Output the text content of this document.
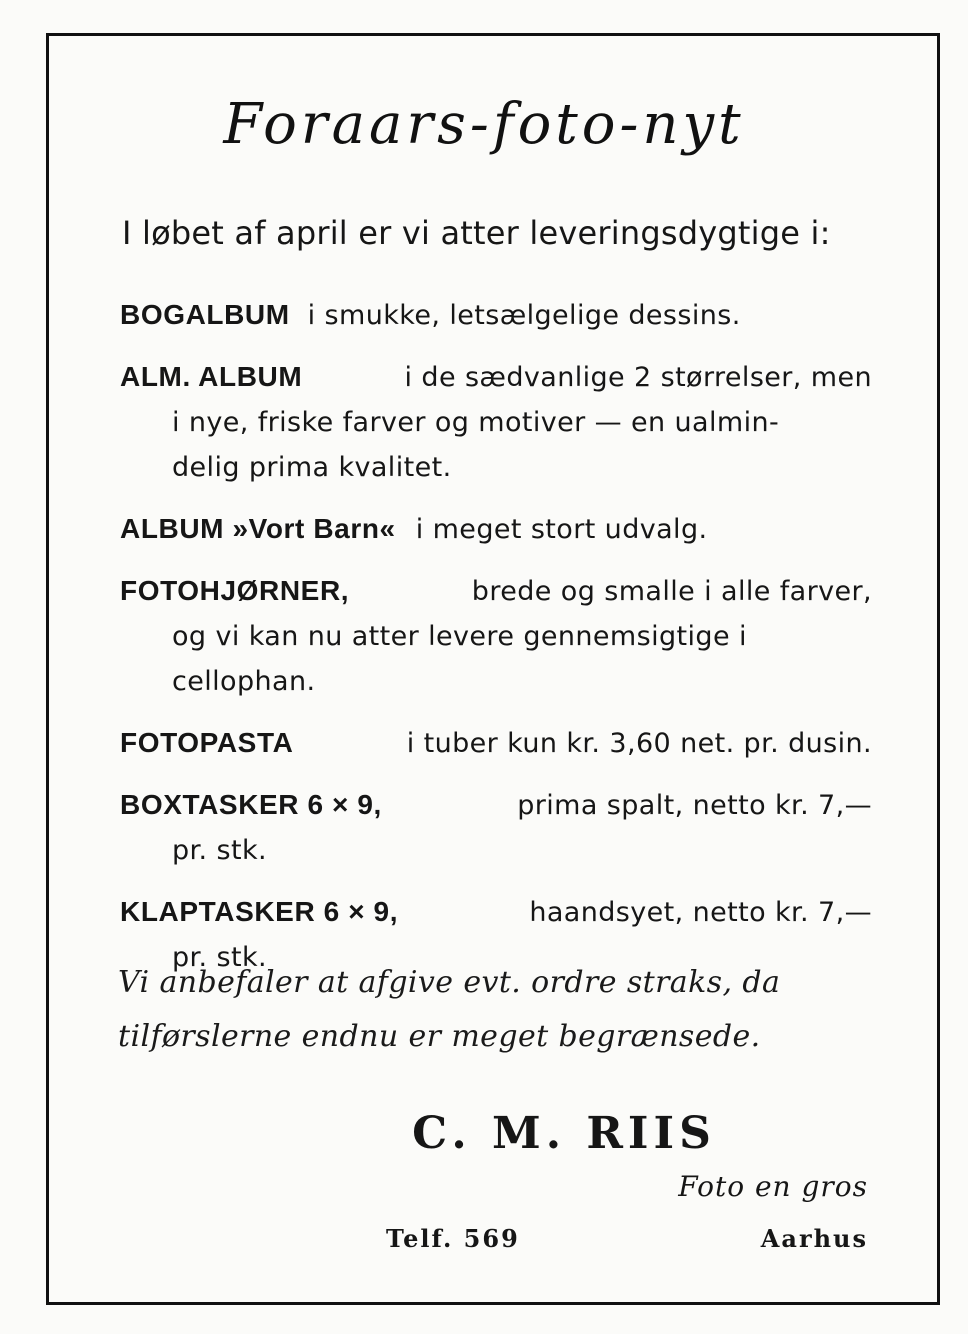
Foraars-foto-nyt
I løbet af april er vi atter leveringsdygtige i:
BOGALBUM i smukke, letsælgelige dessins.
ALM. ALBUM	i de sædvanlige 2 størrelser, men
i nye, friske farver og motiver — en ualmin-
delig prima kvalitet.
ALBUM »Vort Barn« i meget stort udvalg.
FOTOHJØRNER,	brede og smalle i alle farver,
og vi kan nu atter levere gennemsigtige i
cellophan.
FOTOPASTA	i tuber kun kr. 3,60 net. pr. dusin.
BOXTASKER 6 × 9,	prima spalt, netto kr. 7,—
pr. stk.
KLAPTASKER 6 × 9,	haandsyet, netto kr. 7,—
pr. stk.
Vi anbefaler at afgive evt. ordre straks, da
tilførslerne endnu er meget begrænsede.
C. M. RIIS
Foto en gros
Telf. 569	Aarhus
